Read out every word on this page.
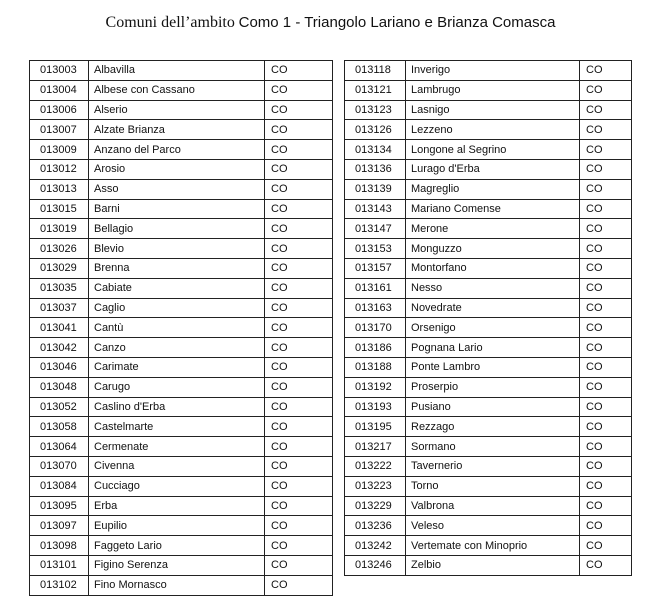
Comuni dell’ambito Como 1 - Triangolo Lariano e Brianza Comasca
013003	Albavilla	CO
013004	Albese con Cassano	CO
013006	Alserio	CO
013007	Alzate Brianza	CO
013009	Anzano del Parco	CO
013012	Arosio	CO
013013	Asso	CO
013015	Barni	CO
013019	Bellagio	CO
013026	Blevio	CO
013029	Brenna	CO
013035	Cabiate	CO
013037	Caglio	CO
013041	Cantù	CO
013042	Canzo	CO
013046	Carimate	CO
013048	Carugo	CO
013052	Caslino d'Erba	CO
013058	Castelmarte	CO
013064	Cermenate	CO
013070	Civenna	CO
013084	Cucciago	CO
013095	Erba	CO
013097	Eupilio	CO
013098	Faggeto Lario	CO
013101	Figino Serenza	CO
013102	Fino Mornasco	CO
013118	Inverigo	CO
013121	Lambrugo	CO
013123	Lasnigo	CO
013126	Lezzeno	CO
013134	Longone al Segrino	CO
013136	Lurago d'Erba	CO
013139	Magreglio	CO
013143	Mariano Comense	CO
013147	Merone	CO
013153	Monguzzo	CO
013157	Montorfano	CO
013161	Nesso	CO
013163	Novedrate	CO
013170	Orsenigo	CO
013186	Pognana Lario	CO
013188	Ponte Lambro	CO
013192	Proserpio	CO
013193	Pusiano	CO
013195	Rezzago	CO
013217	Sormano	CO
013222	Tavernerio	CO
013223	Torno	CO
013229	Valbrona	CO
013236	Veleso	CO
013242	Vertemate con Minoprio	CO
013246	Zelbio	CO
